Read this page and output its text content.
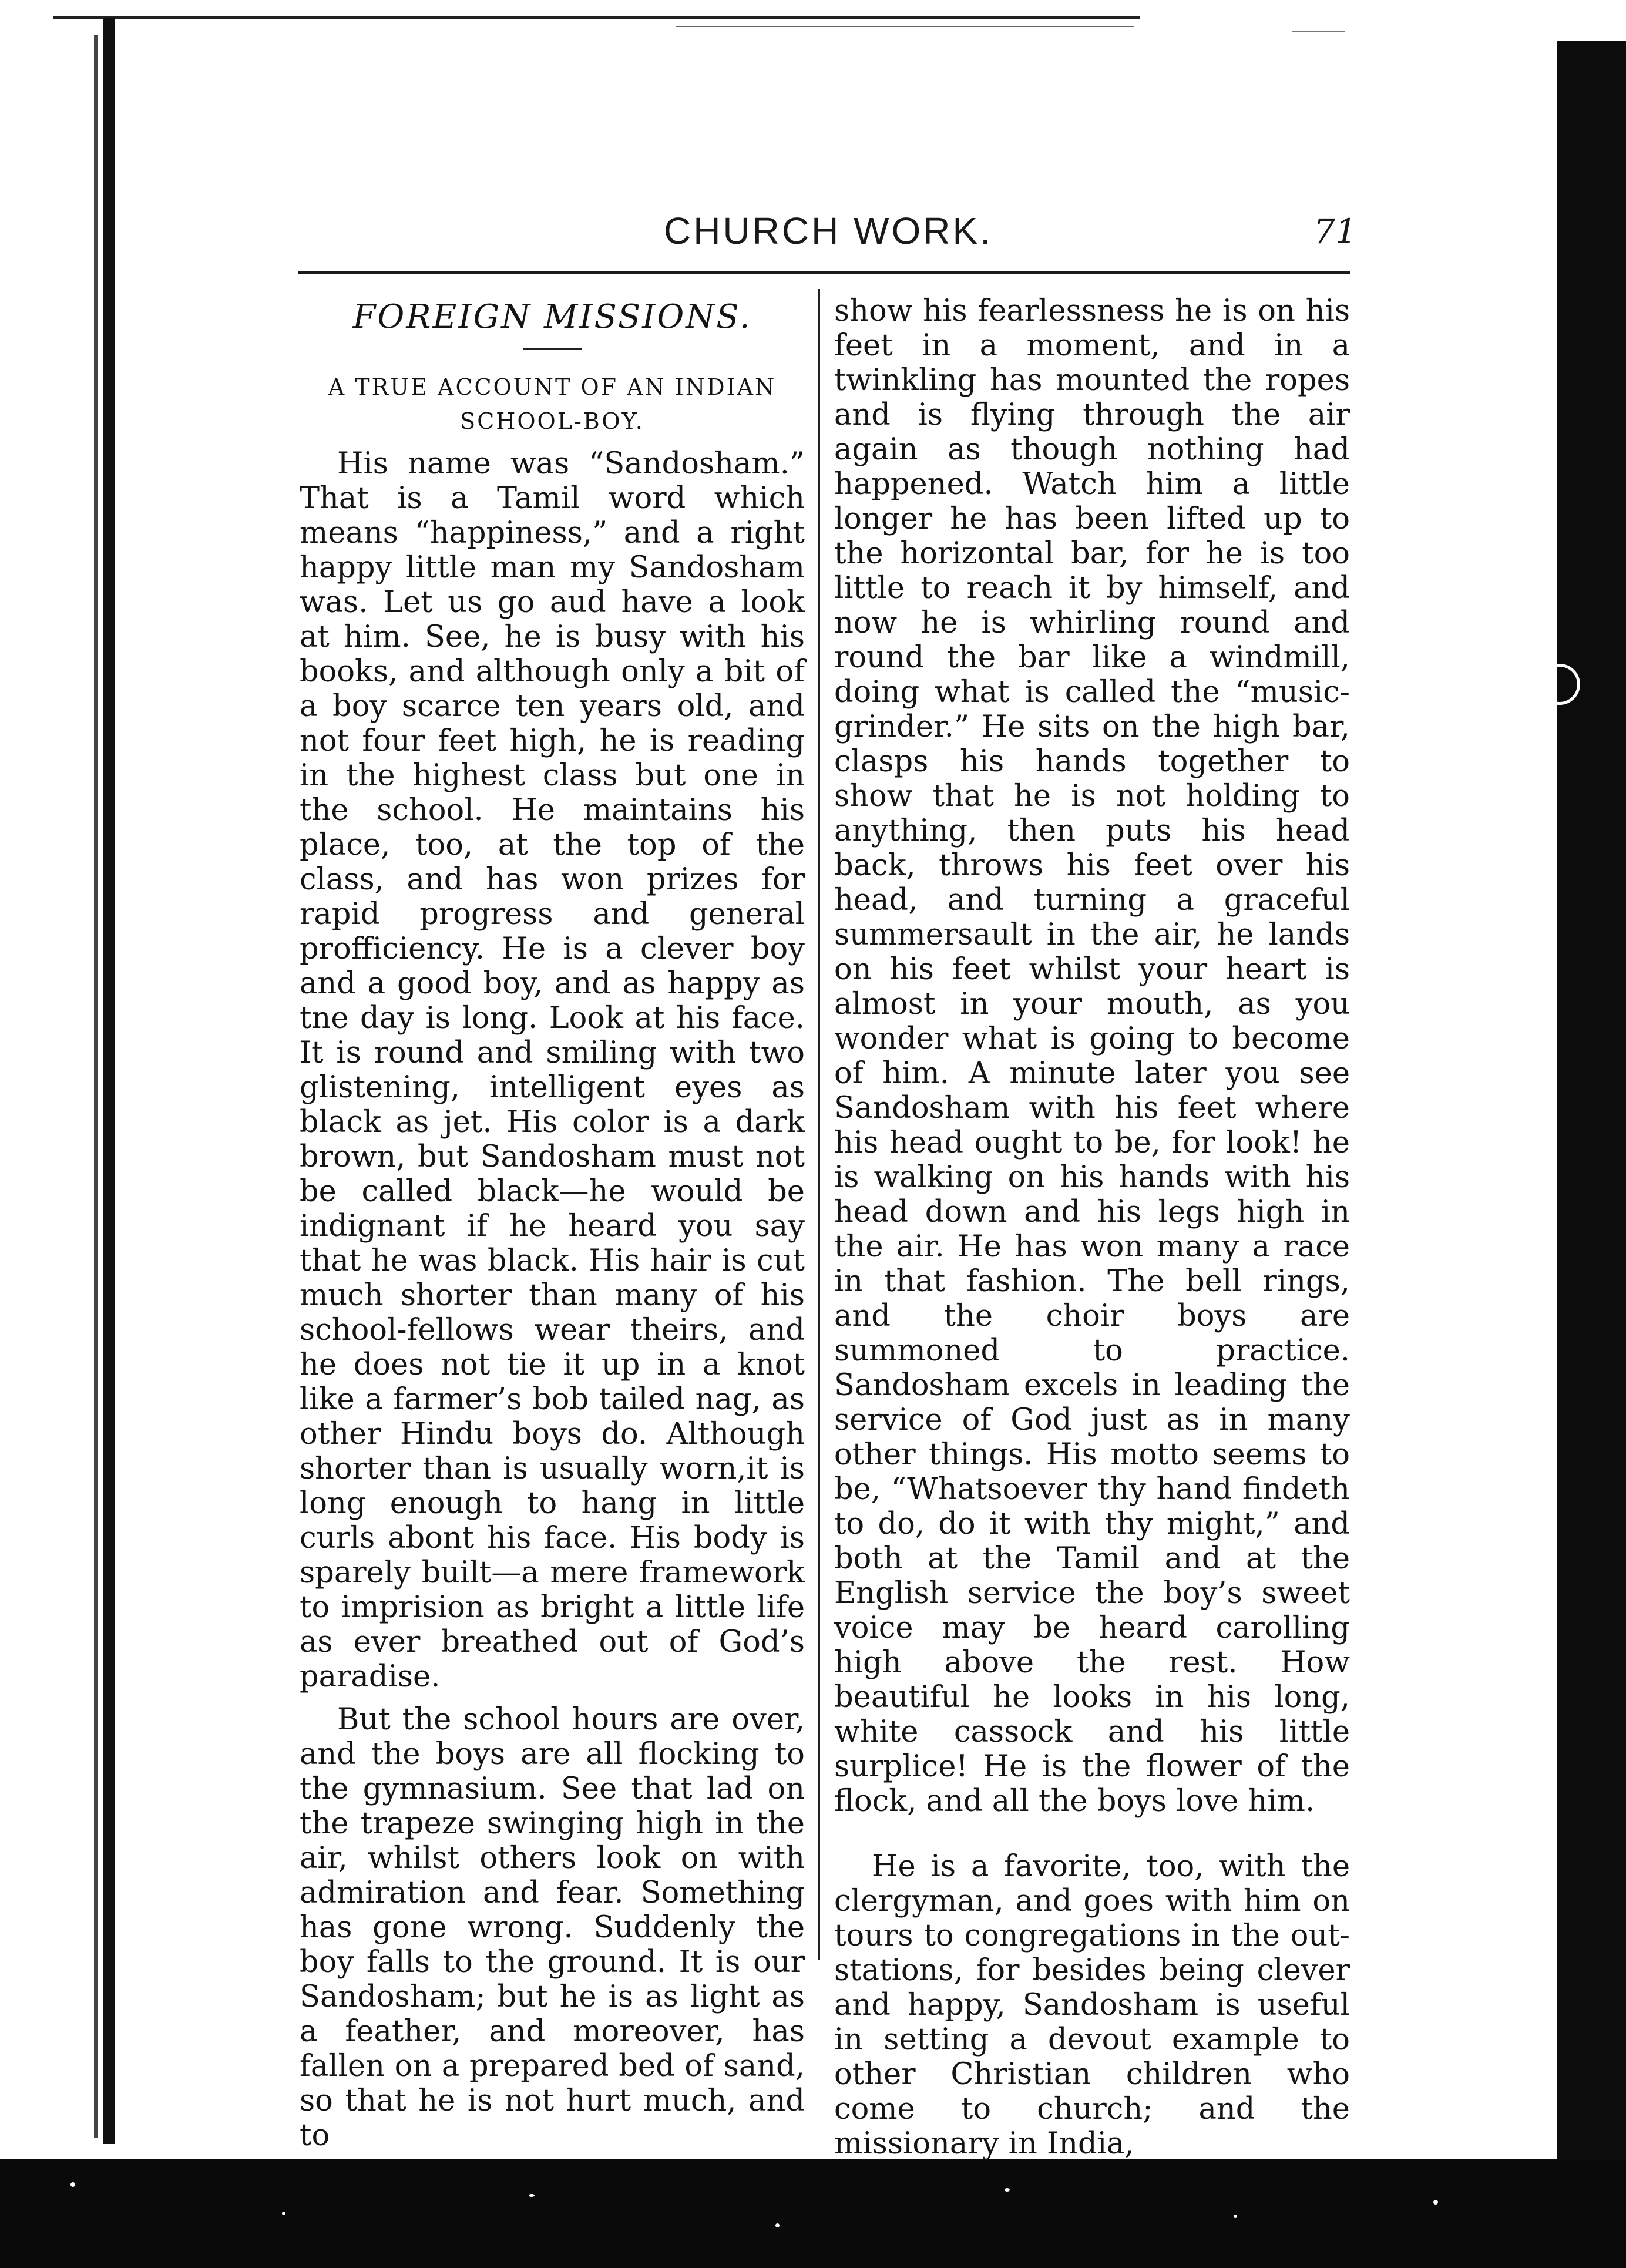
CHURCH WORK.	71
FOREIGN MISSIONS.
A TRUE ACCOUNT OF AN INDIAN SCHOOL-BOY.

His name was “Sandosham.” That is a Tamil word which means “happiness,” and a right happy little man my Sandosham was. Let us go aud have a look at him. See, he is busy with his books, and although only a bit of a boy scarce ten years old, and not four feet high, he is reading in the highest class but one in the school. He maintains his place, too, at the top of the class, and has won prizes for rapid progress and general profficiency. He is a clever boy and a good boy, and as happy as tne day is long. Look at his face. It is round and smiling with two glistening, intelligent eyes as black as jet. His color is a dark brown, but Sandosham must not be called black—he would be indignant if he heard you say that he was black. His hair is cut much shorter than many of his school-fellows wear theirs, and he does not tie it up in a knot like a farmer’s bob tailed nag, as other Hindu boys do. Although shorter than is usually worn,it is long enough to hang in little curls abont his face. His body is sparely built—a mere framework to imprision as bright a little life as ever breathed out of God’s paradise.

But the school hours are over, and the boys are all flocking to the gymnasium. See that lad on the trapeze swinging high in the air, whilst others look on with admiration and fear. Something has gone wrong. Suddenly the boy falls to the ground. It is our Sandosham; but he is as light as a feather, and moreover, has fallen on a prepared bed of sand, so that he is not hurt much, and to

show his fearlessness he is on his feet in a moment, and in a twinkling has mounted the ropes and is flying through the air again as though nothing had happened. Watch him a little longer he has been lifted up to the horizontal bar, for he is too little to reach it by himself, and now he is whirling round and round the bar like a windmill, doing what is called the “music-grinder.” He sits on the high bar, clasps his hands together to show that he is not holding to anything, then puts his head back, throws his feet over his head, and turning a graceful summersault in the air, he lands on his feet whilst your heart is almost in your mouth, as you wonder what is going to become of him. A minute later you see Sandosham with his feet where his head ought to be, for look! he is walking on his hands with his head down and his legs high in the air. He has won many a race in that fashion. The bell rings, and the choir boys are summoned to practice. Sandosham excels in leading the service of God just as in many other things. His motto seems to be, “Whatsoever thy hand findeth to do, do it with thy might,” and both at the Tamil and at the English service the boy’s sweet voice may be heard carolling high above the rest. How beautiful he looks in his long, white cassock and his little surplice! He is the flower of the flock, and all the boys love him.

He is a favorite, too, with the clergyman, and goes with him on tours to congregations in the out-stations, for besides being clever and happy, Sandosham is useful in setting a devout example to other Christian children who come to church; and the missionary in India,
